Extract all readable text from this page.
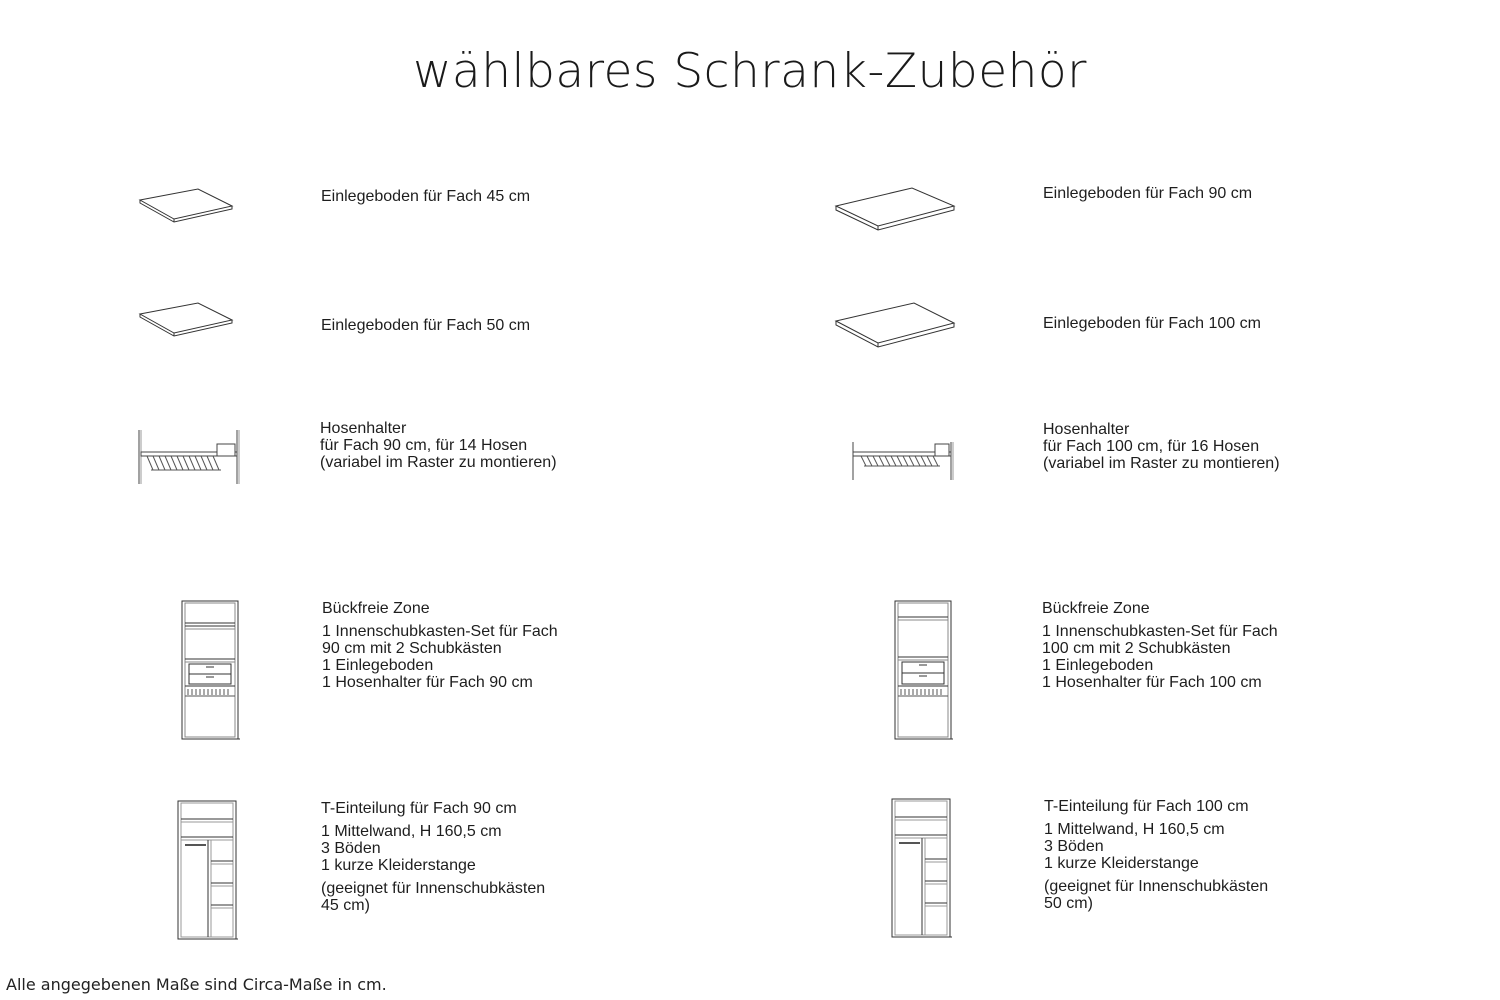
wählbares Schrank-Zubehör
Einlegeboden für Fach 45 cm	Einlegeboden für Fach 90 cm
Einlegeboden für Fach 50 cm	Einlegeboden für Fach 100 cm
Hosenhalter
für Fach 90 cm, für 14 Hosen
(variabel im Raster zu montieren)
Hosenhalter
für Fach 100 cm, für 16 Hosen
(variabel im Raster zu montieren)
Bückfreie Zone
1 Innenschubkasten-Set für Fach
90 cm mit 2 Schubkästen
1 Einlegeboden
1 Hosenhalter für Fach 90 cm
Bückfreie Zone
1 Innenschubkasten-Set für Fach
100 cm mit 2 Schubkästen
1 Einlegeboden
1 Hosenhalter für Fach 100 cm
T-Einteilung für Fach 90 cm
1 Mittelwand, H 160,5 cm
3 Böden
1 kurze Kleiderstange
(geeignet für Innenschubkästen
45 cm)
T-Einteilung für Fach 100 cm
1 Mittelwand, H 160,5 cm
3 Böden
1 kurze Kleiderstange
(geeignet für Innenschubkästen
50 cm)
Alle angegebenen Maße sind Circa-Maße in cm.
